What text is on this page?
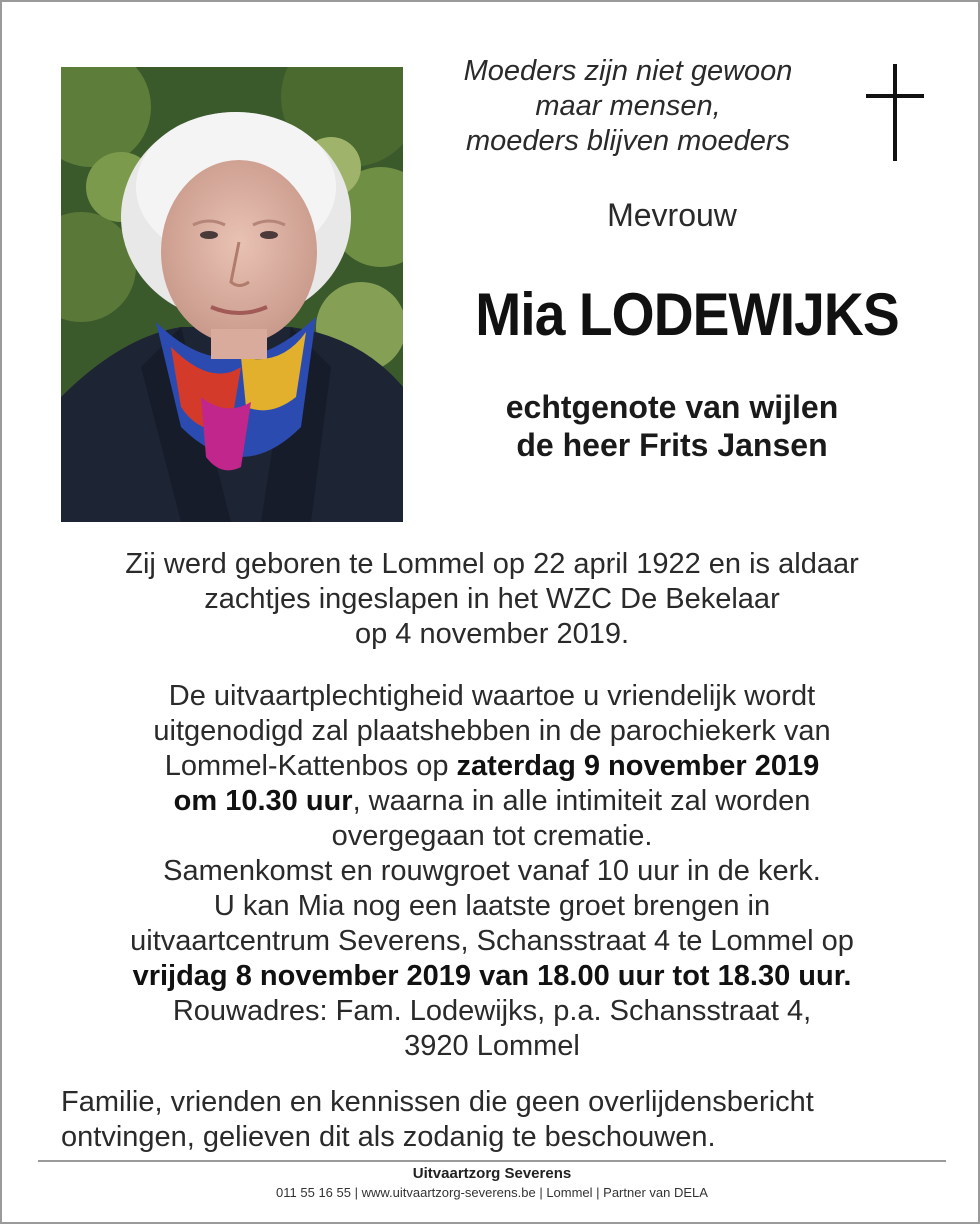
Moeders zijn niet gewoon
maar mensen,
moeders blijven moeders
Mevrouw
Mia LODEWIJKS
echtgenote van wijlen
de heer Frits Jansen
Zij werd geboren te Lommel op 22 april 1922 en is aldaar
zachtjes ingeslapen in het WZC De Bekelaar
op 4 november 2019.
De uitvaartplechtigheid waartoe u vriendelijk wordt
uitgenodigd zal plaatshebben in de parochiekerk van
Lommel-Kattenbos op zaterdag 9 november 2019
om 10.30 uur, waarna in alle intimiteit zal worden
overgegaan tot crematie.
Samenkomst en rouwgroet vanaf 10 uur in de kerk.
U kan Mia nog een laatste groet brengen in
uitvaartcentrum Severens, Schansstraat 4 te Lommel op
vrijdag 8 november 2019 van 18.00 uur tot 18.30 uur.
Rouwadres: Fam. Lodewijks, p.a. Schansstraat 4,
3920 Lommel
Familie, vrienden en kennissen die geen overlijdensbericht
ontvingen, gelieven dit als zodanig te beschouwen.
Uitvaartzorg Severens
011 55 16 55 | www.uitvaartzorg-severens.be | Lommel | Partner van DELA
